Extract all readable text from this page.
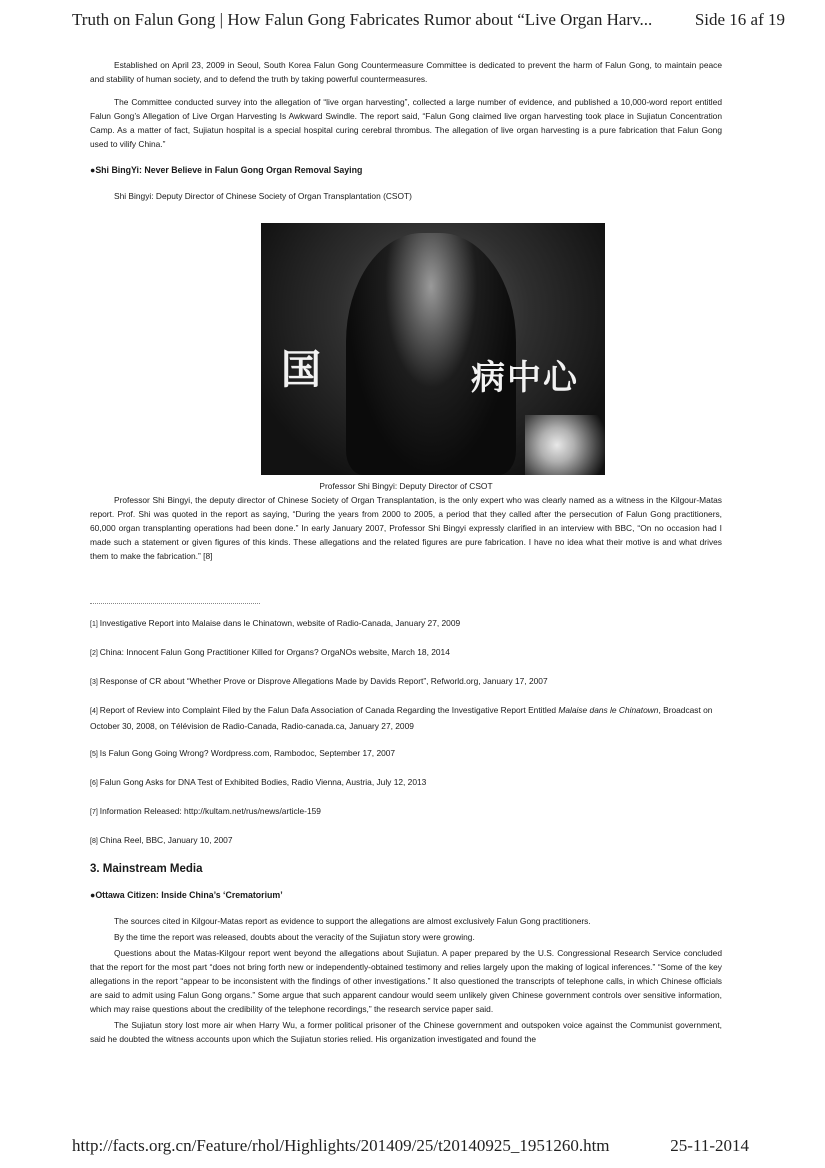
Truth on Falun Gong | How Falun Gong Fabricates Rumor about “Live Organ Harv...	Side 16 af 19

Established on April 23, 2009 in Seoul, South Korea Falun Gong Countermeasure Committee is dedicated to prevent the harm of Falun Gong, to maintain peace and stability of human society, and to defend the truth by taking powerful countermeasures.

The Committee conducted survey into the allegation of “live organ harvesting”, collected a large number of evidence, and published a 10,000-word report entitled Falun Gong’s Allegation of Live Organ Harvesting Is Awkward Swindle. The report said, “Falun Gong claimed live organ harvesting took place in Sujiatun Concentration Camp. As a matter of fact, Sujiatun hospital is a special hospital curing cerebral thrombus. The allegation of live organ harvesting is a pure fabrication that Falun Gong used to vilify China.”

●Shi BingYi: Never Believe in Falun Gong Organ Removal Saying

Shi Bingyi: Deputy Director of Chinese Society of Organ Transplantation (CSOT)

国	病中心
Professor Shi Bingyi: Deputy Director of CSOT

Professor Shi Bingyi, the deputy director of Chinese Society of Organ Transplantation, is the only expert who was clearly named as a witness in the Kilgour-Matas report. Prof. Shi was quoted in the report as saying, “During the years from 2000 to 2005, a period that they called after the persecution of Falun Gong practitioners, 60,000 organ transplanting operations had been done.” In early January 2007, Professor Shi Bingyi expressly clarified in an interview with BBC, “On no occasion had I made such a statement or given figures of this kinds. These allegations and the related figures are pure fabrication. I have no idea what their motive is and what drives them to make the fabrication.” [8]

[1] Investigative Report into Malaise dans le Chinatown, website of Radio-Canada, January 27, 2009

[2] China: Innocent Falun Gong Practitioner Killed for Organs? OrgaNOs website, March 18, 2014

[3] Response of CR about “Whether Prove or Disprove Allegations Made by Davids Report”, Refworld.org, January 17, 2007

[4] Report of Review into Complaint Filed by the Falun Dafa Association of Canada Regarding the Investigative Report Entitled Malaise dans le Chinatown, Broadcast on October 30, 2008, on Télévision de Radio-Canada, Radio-canada.ca, January 27, 2009

[5] Is Falun Gong Going Wrong? Wordpress.com, Rambodoc, September 17, 2007

[6] Falun Gong Asks for DNA Test of Exhibited Bodies, Radio Vienna, Austria, July 12, 2013

[7] Information Released: http://kultam.net/rus/news/article-159

[8] China Reel, BBC, January 10, 2007

3. Mainstream Media
●Ottawa Citizen: Inside China’s ‘Crematorium’

The sources cited in Kilgour-Matas report as evidence to support the allegations are almost exclusively Falun Gong practitioners.

By the time the report was released, doubts about the veracity of the Sujiatun story were growing.

Questions about the Matas-Kilgour report went beyond the allegations about Sujiatun. A paper prepared by the U.S. Congressional Research Service concluded that the report for the most part “does not bring forth new or independently-obtained testimony and relies largely upon the making of logical inferences.” “Some of the key allegations in the report “appear to be inconsistent with the findings of other investigations.” It also questioned the transcripts of telephone calls, in which Chinese officials are said to admit using Falun Gong organs.” Some argue that such apparent candour would seem unlikely given Chinese government controls over sensitive information, which may raise questions about the credibility of the telephone recordings,” the research service paper said.

The Sujiatun story lost more air when Harry Wu, a former political prisoner of the Chinese government and outspoken voice against the Communist government, said he doubted the witness accounts upon which the Sujiatun stories relied. His organization investigated and found the

http://facts.org.cn/Feature/rhol/Highlights/201409/25/t20140925_1951260.htm	25-11-2014
